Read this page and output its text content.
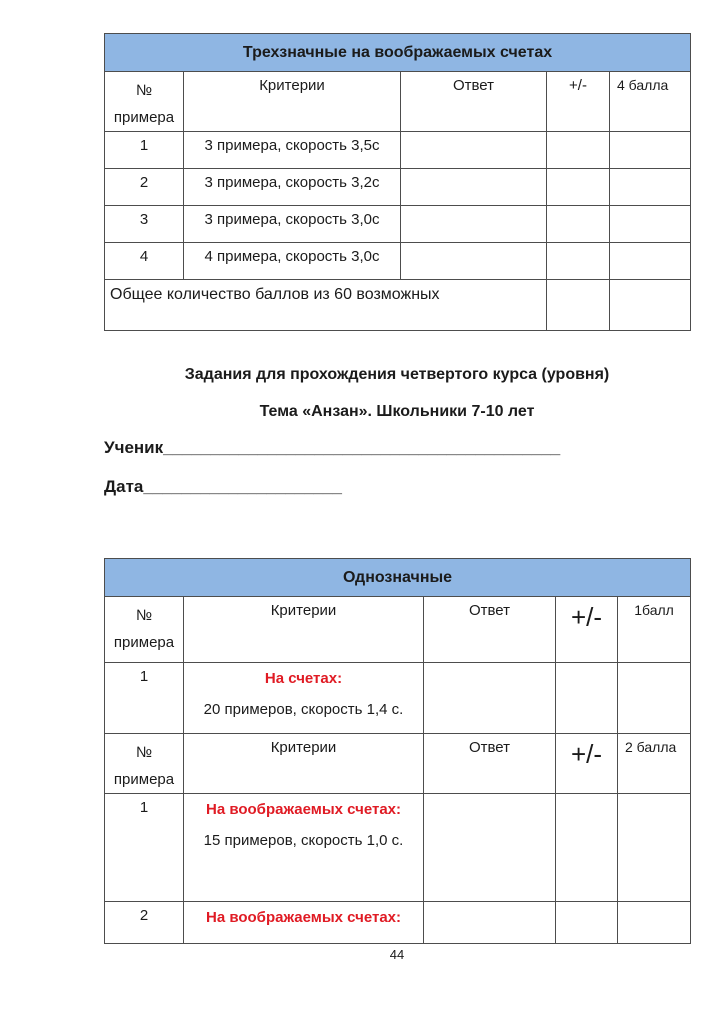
Трехзначные на воображаемых счетах				

№
примера	Критерии	Ответ	+/-	4 балла
1	3 примера, скорость 3,5с			
2	3 примера, скорость 3,2с			
3	3 примера, скорость 3,0с			
4	4 примера, скорость 3,0с			
Общее количество баллов из 60 возможных				
Задания для прохождения четвертого курса (уровня)
Тема «Анзан». Школьники 7-10 лет
Ученик__________________________________________
Дата_____________________
Однозначные				

№
примера	Критерии	Ответ	+/-	1балл
1	На счетах:
20 примеров, скорость 1,4 с.			

№
примера	Критерии	Ответ	+/-	2 балла
1	На воображаемых счетах:
15 примеров, скорость 1,0 с.			

2	На воображаемых счетах:			

44
